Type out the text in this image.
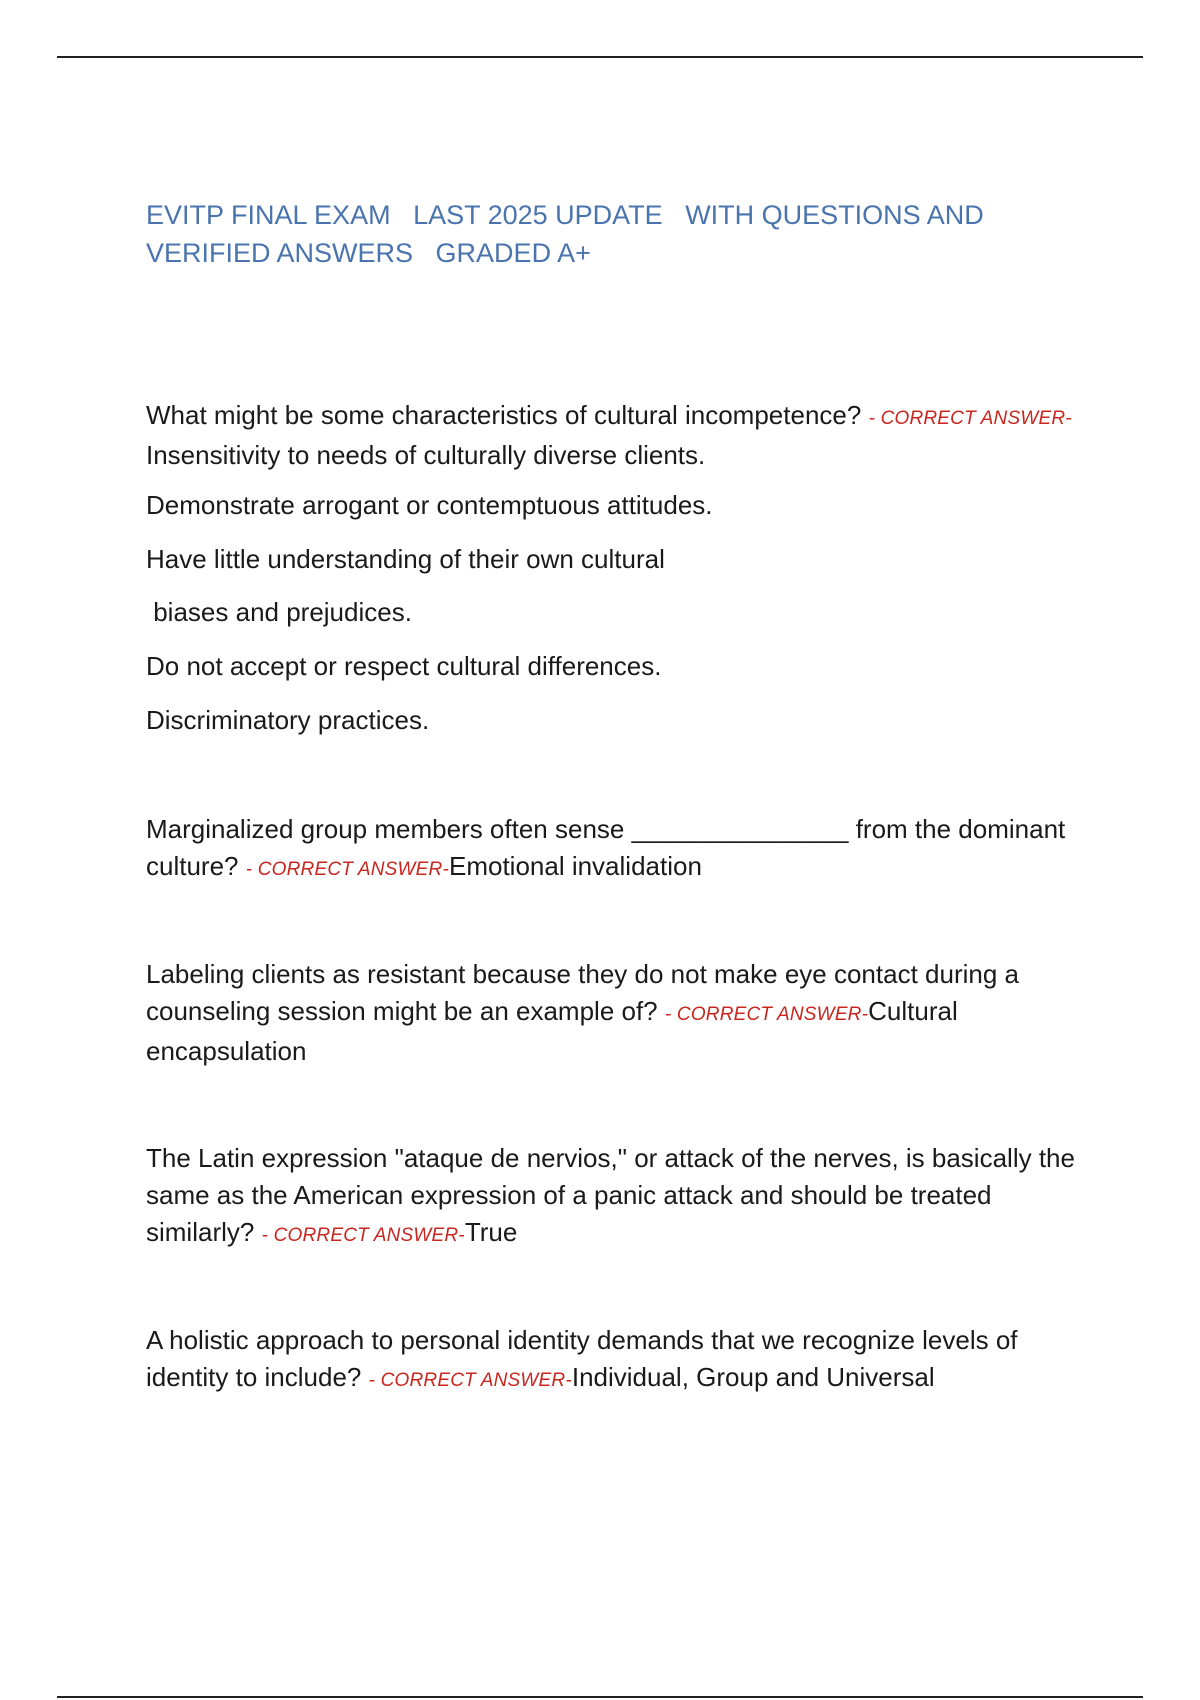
EVITP FINAL EXAM   LAST 2025 UPDATE   WITH QUESTIONS AND VERIFIED ANSWERS   GRADED A+
What might be some characteristics of cultural incompetence? - CORRECT ANSWER-Insensitivity to needs of culturally diverse clients.
Demonstrate arrogant or contemptuous attitudes.
Have little understanding of their own cultural
biases and prejudices.
Do not accept or respect cultural differences.
Discriminatory practices.
Marginalized group members often sense _______________ from the dominant culture? - CORRECT ANSWER-Emotional invalidation
Labeling clients as resistant because they do not make eye contact during a counseling session might be an example of? - CORRECT ANSWER-Cultural encapsulation
The Latin expression "ataque de nervios," or attack of the nerves, is basically the same as the American expression of a panic attack and should be treated similarly? - CORRECT ANSWER-True
A holistic approach to personal identity demands that we recognize levels of identity to include? - CORRECT ANSWER-Individual, Group and Universal
